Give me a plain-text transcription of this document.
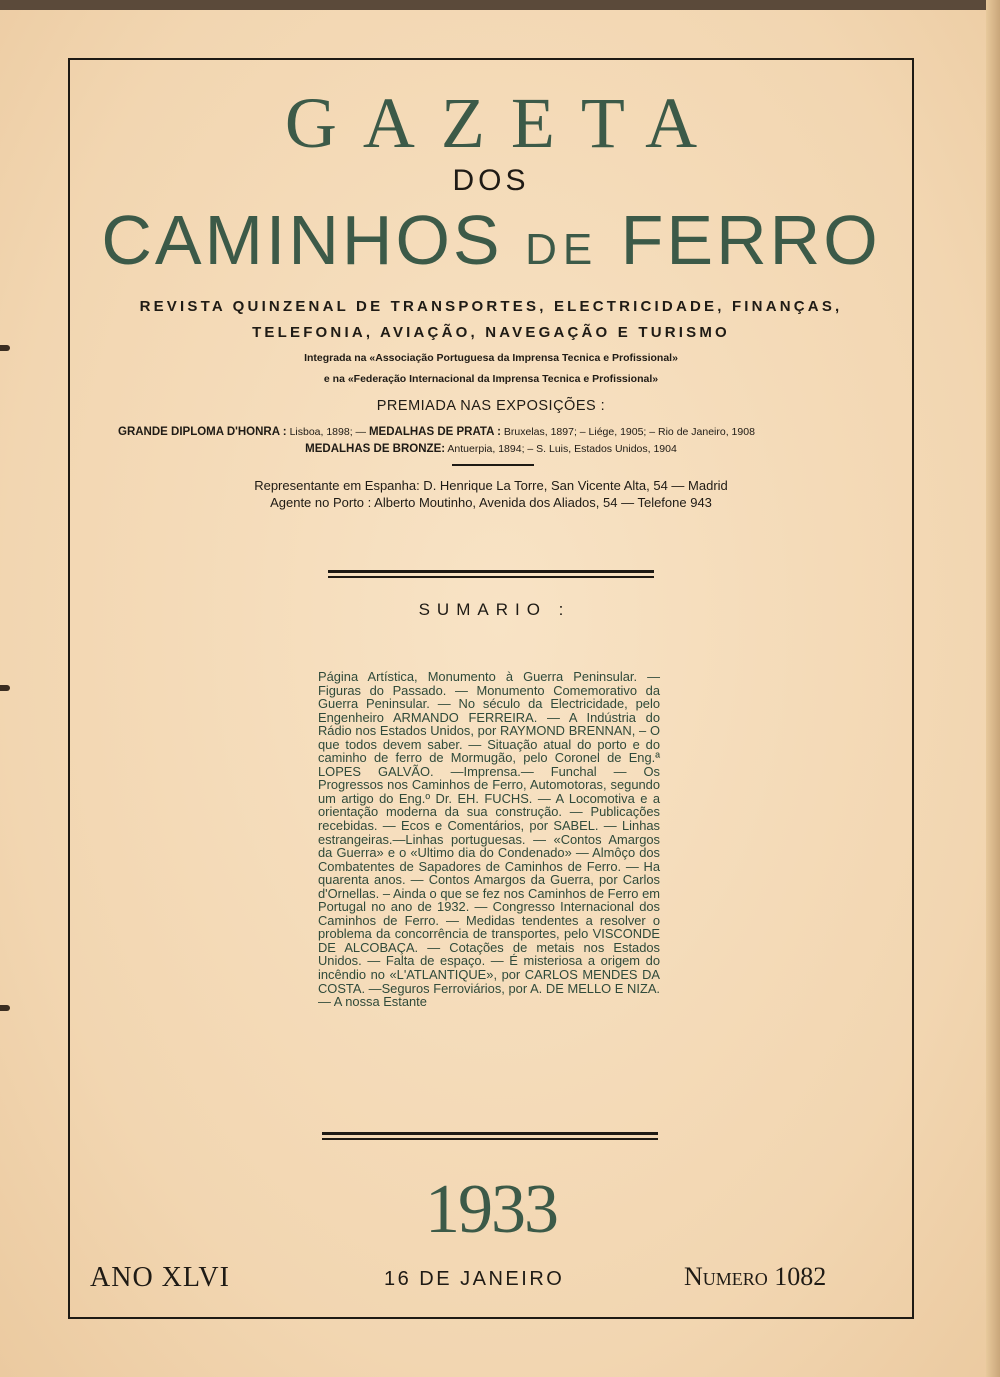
GAZETA
DOS
CAMINHOS DE FERRO
REVISTA QUINZENAL DE TRANSPORTES, ELECTRICIDADE, FINANÇAS,
TELEFONIA, AVIAÇÃO, NAVEGAÇÃO E TURISMO
Integrada na «Associação Portuguesa da Imprensa Tecnica e Profissional»
e na «Federação Internacional da Imprensa Tecnica e Profissional»
PREMIADA NAS EXPOSIÇÕES :
GRANDE DIPLOMA D'HONRA : Lisboa, 1898; — MEDALHAS DE PRATA : Bruxelas, 1897; – Liége, 1905; – Rio de Janeiro, 1908
MEDALHAS DE BRONZE: Antuerpia, 1894; – S. Luis, Estados Unidos, 1904
Representante em Espanha: D. Henrique La Torre, San Vicente Alta, 54 — Madrid
Agente no Porto : Alberto Moutinho, Avenida dos Aliados, 54 — Telefone 943
SUMARIO :
Página Artística, Monumento à Guerra Peninsular. — Figuras do Passado. — Monumento Comemorativo da Guerra Peninsular. — No século da Electricidade, pelo Engenheiro ARMANDO FERREIRA. — A Indústria do Rádio nos Estados Unidos, por RAYMOND BRENNAN, – O que todos devem saber. — Situação atual do porto e do caminho de ferro de Mormugão, pelo Coronel de Eng.ª LOPES GALVÃO. —Imprensa.— Funchal — Os Progressos nos Caminhos de Ferro, Automotoras, segundo um artigo do Eng.º Dr. EH. FUCHS. — A Locomotiva e a orientação moderna da sua construção. — Publicações recebidas. — Ecos e Comentários, por SABEL. — Linhas estrangeiras.—Linhas portuguesas. — «Contos Amargos da Guerra» e o «Ultimo dia do Condenado» — Almôço dos Combatentes de Sapadores de Caminhos de Ferro. — Ha quarenta anos. — Contos Amargos da Guerra, por Carlos d'Ornellas. – Ainda o que se fez nos Caminhos de Ferro em Portugal no ano de 1932. — Congresso Internacional dos Caminhos de Ferro. — Medidas tendentes a resolver o problema da concorrência de transportes, pelo VISCONDE DE ALCOBAÇA. — Cotações de metais nos Estados Unidos. — Falta de espaço. — É misteriosa a origem do incêndio no «L'ATLANTIQUE», por CARLOS MENDES DA COSTA. —Seguros Ferroviários, por A. DE MELLO E NIZA. — A nossa Estante
1933
ANO XLVI	16 DE JANEIRO	Numero 1082
